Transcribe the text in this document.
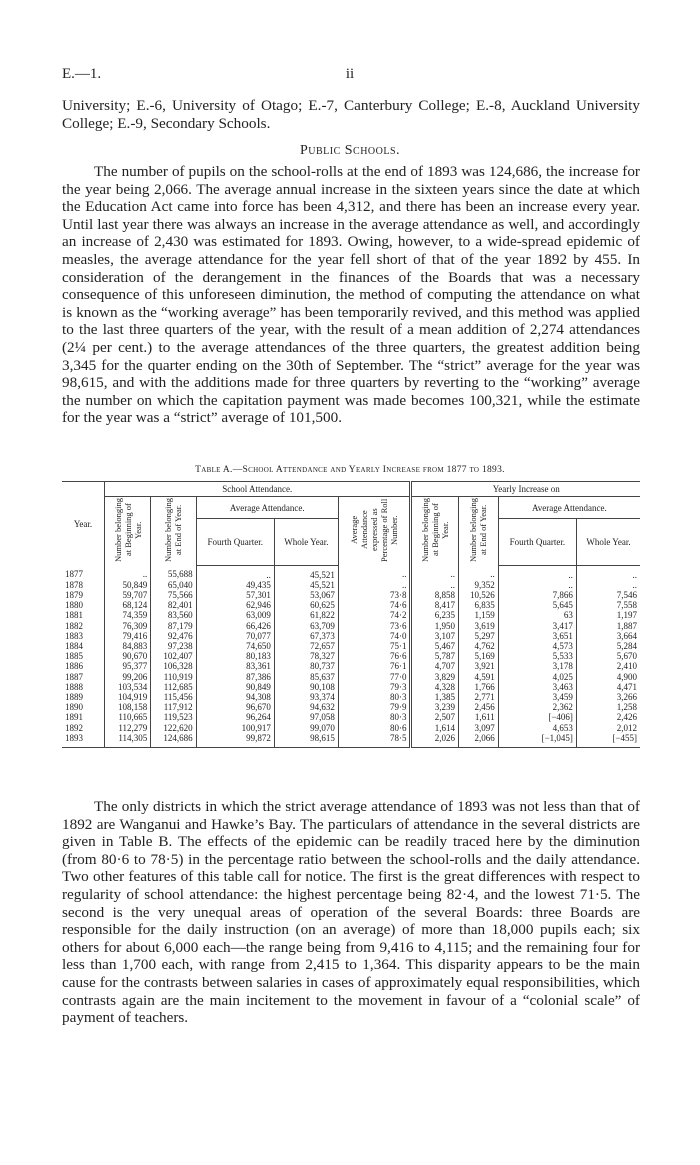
E.—1.	ii

University; E.-6, University of Otago; E.-7, Canterbury College; E.-8, Auckland University College; E.-9, Secondary Schools.

Public Schools.

The number of pupils on the school-rolls at the end of 1893 was 124,686, the increase for the year being 2,066. The average annual increase in the sixteen years since the date at which the Education Act came into force has been 4,312, and there has been an increase every year. Until last year there was always an increase in the average attendance as well, and accordingly an increase of 2,430 was estimated for 1893. Owing, however, to a wide-spread epidemic of measles, the average attendance for the year fell short of that of the year 1892 by 455. In consideration of the derangement in the finances of the Boards that was a necessary consequence of this unforeseen diminution, the method of computing the attendance on what is known as the “working average” has been temporarily revived, and this method was applied to the last three quarters of the year, with the result of a mean addition of 2,274 attendances (2¼ per cent.) to the average attendances of the three quarters, the greatest addition being 3,345 for the quarter ending on the 30th of September. The “strict” average for the year was 98,615, and with the additions made for three quarters by reverting to the “working” average the number on which the capitation payment was made becomes 100,321, while the estimate for the year was a “strict” average of 101,500.

Table A.—School Attendance and Yearly Increase from 1877 to 1893.
Year.	School Attendance.					Yearly Increase on			
	Number belonging at Beginning of Year.	Number belonging at End of Year.	Average Attendance.		Average Attendance expressed as Percentage of Roll Number.	Number belonging at Beginning of Year.	Number belonging at End of Year.	Average Attendance.	
			Fourth Quarter.	Whole Year.				Fourth Quarter.	Whole Year.
1877	..	55,688	..	45,521	..	..	..	..	..
1878	50,849	65,040	49,435	45,521	..	..	9,352	..	..
1879	59,707	75,566	57,301	53,067	73·8	8,858	10,526	7,866	7,546
1880	68,124	82,401	62,946	60,625	74·6	8,417	6,835	5,645	7,558
1881	74,359	83,560	63,009	61,822	74·2	6,235	1,159	63	1,197
1882	76,309	87,179	66,426	63,709	73·6	1,950	3,619	3,417	1,887
1883	79,416	92,476	70,077	67,373	74·0	3,107	5,297	3,651	3,664
1884	84,883	97,238	74,650	72,657	75·1	5,467	4,762	4,573	5,284
1885	90,670	102,407	80,183	78,327	76·6	5,787	5,169	5,533	5,670
1886	95,377	106,328	83,361	80,737	76·1	4,707	3,921	3,178	2,410
1887	99,206	110,919	87,386	85,637	77·0	3,829	4,591	4,025	4,900
1888	103,534	112,685	90,849	90,108	79·3	4,328	1,766	3,463	4,471
1889	104,919	115,456	94,308	93,374	80·3	1,385	2,771	3,459	3,266
1890	108,158	117,912	96,670	94,632	79·9	3,239	2,456	2,362	1,258
1891	110,665	119,523	96,264	97,058	80·3	2,507	1,611	[−406]	2,426
1892	112,279	122,620	100,917	99,070	80·6	1,614	3,097	4,653	2,012
1893	114,305	124,686	99,872	98,615	78·5	2,026	2,066	[−1,045]	[−455]

The only districts in which the strict average attendance of 1893 was not less than that of 1892 are Wanganui and Hawke’s Bay. The particulars of attendance in the several districts are given in Table B. The effects of the epidemic can be readily traced here by the diminution (from 80·6 to 78·5) in the percentage ratio between the school-rolls and the daily attendance. Two other features of this table call for notice. The first is the great differences with respect to regularity of school attendance: the highest percentage being 82·4, and the lowest 71·5. The second is the very unequal areas of operation of the several Boards: three Boards are responsible for the daily instruction (on an average) of more than 18,000 pupils each; six others for about 6,000 each—the range being from 9,416 to 4,115; and the remaining four for less than 1,700 each, with range from 2,415 to 1,364. This disparity appears to be the main cause for the contrasts between salaries in cases of approximately equal responsibilities, which contrasts again are the main incitement to the movement in favour of a “colonial scale” of payment of teachers.
